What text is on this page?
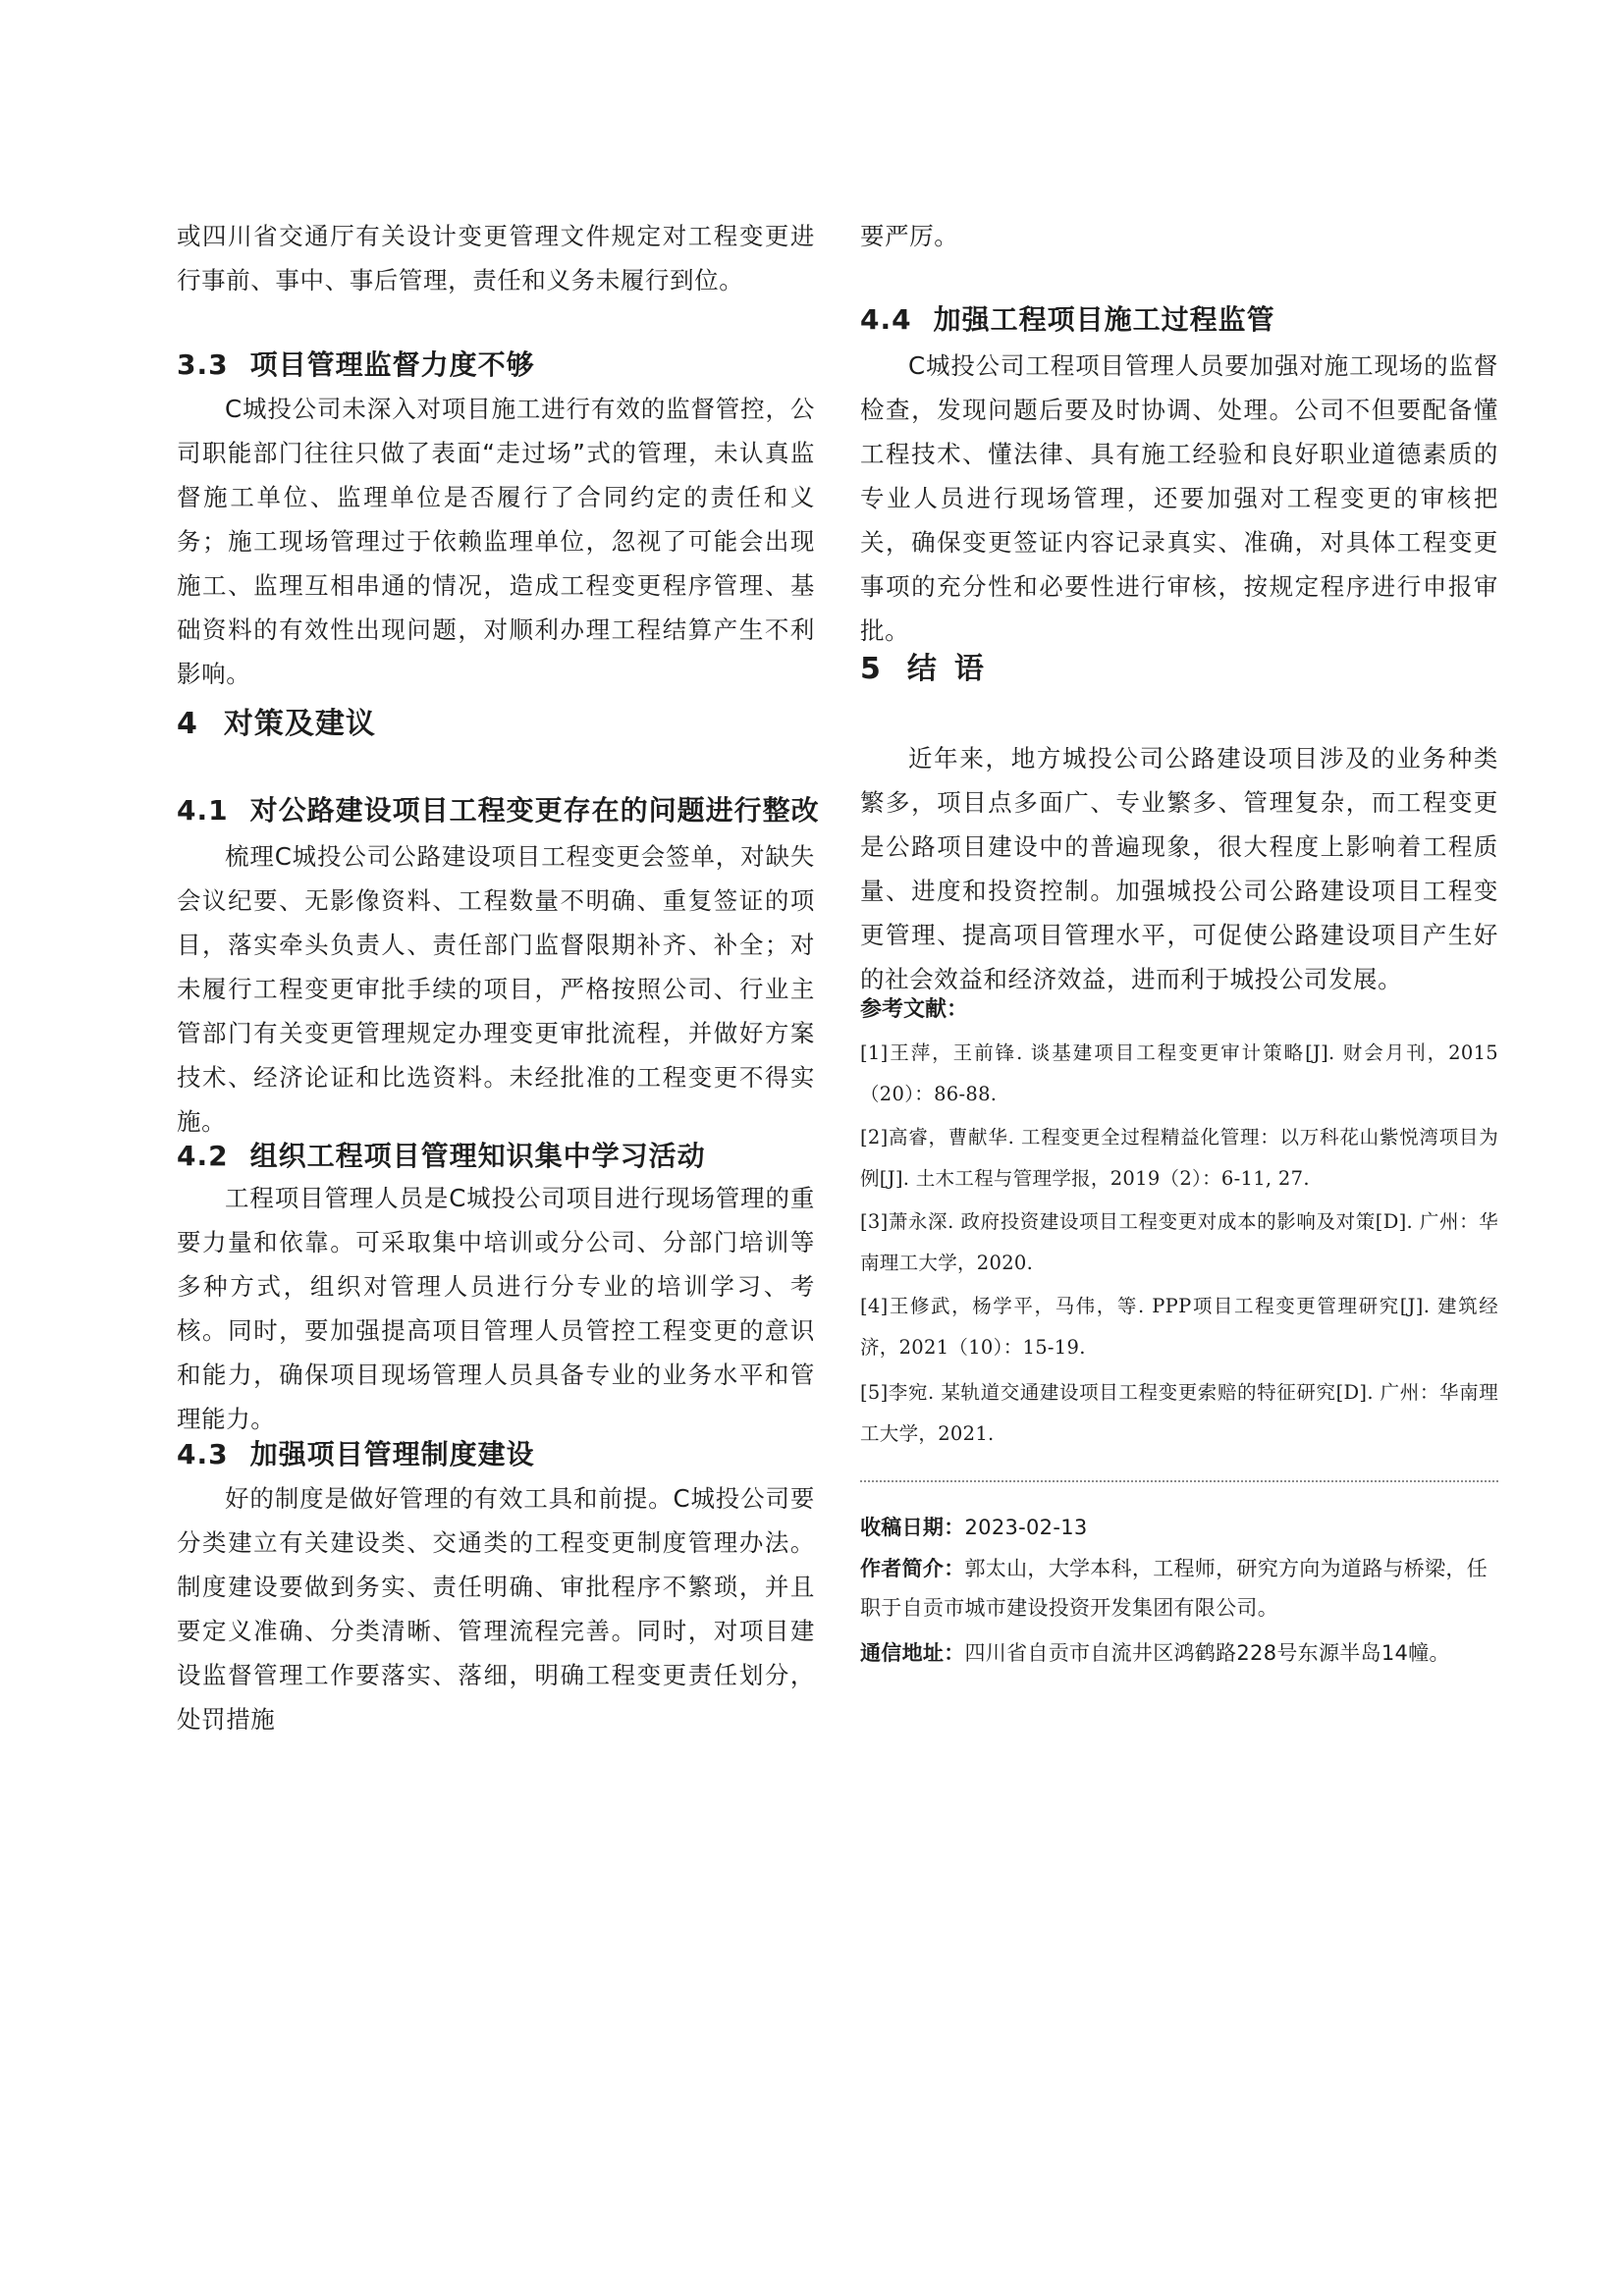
或四川省交通厅有关设计变更管理文件规定对工程变更进行事前、事中、事后管理，责任和义务未履行到位。

3.3 项目管理监督力度不够

C城投公司未深入对项目施工进行有效的监督管控，公司职能部门往往只做了表面“走过场”式的管理，未认真监督施工单位、监理单位是否履行了合同约定的责任和义务；施工现场管理过于依赖监理单位，忽视了可能会出现施工、监理互相串通的情况，造成工程变更程序管理、基础资料的有效性出现问题，对顺利办理工程结算产生不利影响。

4 对策及建议
4.1 对公路建设项目工程变更存在的问题进行整改

梳理C城投公司公路建设项目工程变更会签单，对缺失会议纪要、无影像资料、工程数量不明确、重复签证的项目，落实牵头负责人、责任部门监督限期补齐、补全；对未履行工程变更审批手续的项目，严格按照公司、行业主管部门有关变更管理规定办理变更审批流程，并做好方案技术、经济论证和比选资料。未经批准的工程变更不得实施。

4.2 组织工程项目管理知识集中学习活动

工程项目管理人员是C城投公司项目进行现场管理的重要力量和依靠。可采取集中培训或分公司、分部门培训等多种方式，组织对管理人员进行分专业的培训学习、考核。同时，要加强提高项目管理人员管控工程变更的意识和能力，确保项目现场管理人员具备专业的业务水平和管理能力。

4.3 加强项目管理制度建设

好的制度是做好管理的有效工具和前提。C城投公司要分类建立有关建设类、交通类的工程变更制度管理办法。制度建设要做到务实、责任明确、审批程序不繁琐，并且要定义准确、分类清晰、管理流程完善。同时，对项目建设监督管理工作要落实、落细，明确工程变更责任划分，处罚措施

要严厉。

4.4 加强工程项目施工过程监管

C城投公司工程项目管理人员要加强对施工现场的监督检查，发现问题后要及时协调、处理。公司不但要配备懂工程技术、懂法律、具有施工经验和良好职业道德素质的专业人员进行现场管理，还要加强对工程变更的审核把关，确保变更签证内容记录真实、准确，对具体工程变更事项的充分性和必要性进行审核，按规定程序进行申报审批。

5 结语

近年来，地方城投公司公路建设项目涉及的业务种类繁多，项目点多面广、专业繁多、管理复杂，而工程变更是公路项目建设中的普遍现象，很大程度上影响着工程质量、进度和投资控制。加强城投公司公路建设项目工程变更管理、提高项目管理水平，可促使公路建设项目产生好的社会效益和经济效益，进而利于城投公司发展。

参考文献：

[1]王萍，王前锋. 谈基建项目工程变更审计策略[J]. 财会月刊，2015（20）：86-88.

[2]高睿，曹献华. 工程变更全过程精益化管理：以万科花山紫悦湾项目为例[J]. 土木工程与管理学报，2019（2）：6-11, 27.

[3]萧永深. 政府投资建设项目工程变更对成本的影响及对策[D]. 广州：华南理工大学，2020.

[4]王修武，杨学平，马伟，等. PPP项目工程变更管理研究[J]. 建筑经济，2021（10）：15-19.

[5]李宛. 某轨道交通建设项目工程变更索赔的特征研究[D]. 广州：华南理工大学，2021.

收稿日期：2023-02-13

作者简介：郭太山，大学本科，工程师，研究方向为道路与桥梁，任职于自贡市城市建设投资开发集团有限公司。

通信地址：四川省自贡市自流井区鸿鹤路228号东源半岛14幢。
